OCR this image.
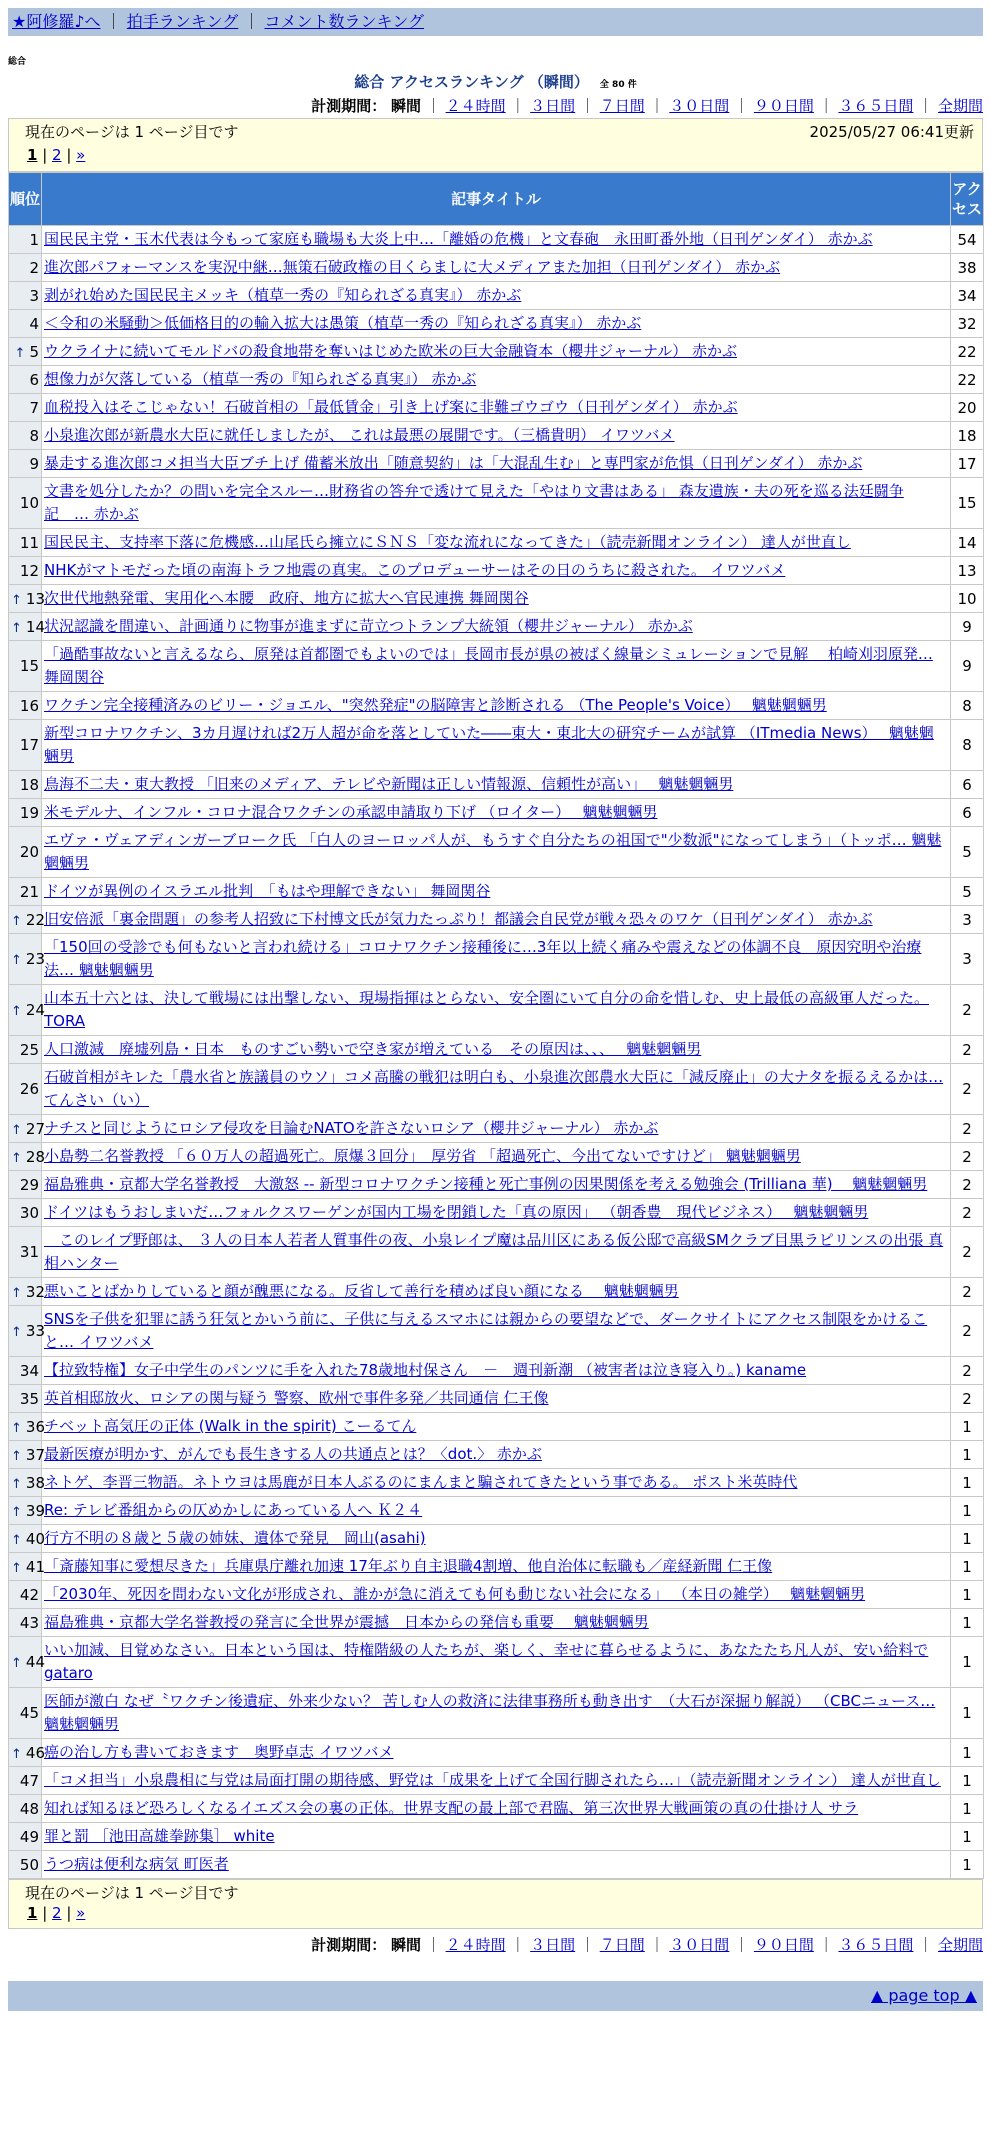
★阿修羅♪へ ｜ 拍手ランキング ｜ コメント数ランキング
総合
総合 アクセスランキング （瞬間） 全 80 件
計測期間： 瞬間 ｜ ２４時間 ｜ ３日間 ｜ ７日間 ｜ ３０日間 ｜ ９０日間 ｜ ３６５日間 ｜ 全期間
現在のページは 1 ページ目です	2025/05/27 06:41更新
1 | 2 | »
順位	記事タイトル	アクセス
1	国民民主党・玉木代表は今もって家庭も職場も大炎上中…「離婚の危機」と文春砲　永田町番外地（日刊ゲンダイ） 赤かぶ	54
2	進次郎パフォーマンスを実況中継…無策石破政権の目くらましに大メディアまた加担（日刊ゲンダイ） 赤かぶ	38
3	剥がれ始めた国民民主メッキ（植草一秀の『知られざる真実』） 赤かぶ	34
4	＜令和の米騒動＞低価格目的の輸入拡大は愚策（植草一秀の『知られざる真実』） 赤かぶ	32
↑ 5	ウクライナに続いてモルドバの殺食地帯を奪いはじめた欧米の巨大金融資本（櫻井ジャーナル） 赤かぶ	22
6	想像力が欠落している（植草一秀の『知られざる真実』） 赤かぶ	22
7	血税投入はそこじゃない！石破首相の「最低賃金」引き上げ案に非難ゴウゴウ（日刊ゲンダイ） 赤かぶ	20
8	小泉進次郎が新農水大臣に就任しましたが、 これは最悪の展開です。（三橋貴明） イワツバメ	18
9	暴走する進次郎コメ担当大臣ブチ上げ 備蓄米放出「随意契約」は「大混乱生む」と専門家が危惧（日刊ゲンダイ） 赤かぶ	17
10	文書を処分したか？の問いを完全スルー…財務省の答弁で透けて見えた「やはり文書はある」 森友遺族・夫の死を巡る法廷闘争記　… 赤かぶ	15
11	国民民主、支持率下落に危機感…山尾氏ら擁立にＳＮＳ「変な流れになってきた」（読売新聞オンライン） 達人が世直し	14
12	NHKがマトモだった頃の南海トラフ地震の真実。このプロデューサーはその日のうちに殺された。 イワツバメ	13
↑ 13	次世代地熱発電、実用化へ本腰　政府、地方に拡大へ官民連携 舞岡関谷	10
↑ 14	状況認識を間違い、計画通りに物事が進まずに苛立つトランプ大統領（櫻井ジャーナル） 赤かぶ	9
15	「過酷事故ないと言えるなら、原発は首都圏でもよいのでは」長岡市長が県の被ばく線量シミュレーションで見解　 柏崎刈羽原発… 舞岡関谷	9
16	ワクチン完全接種済みのビリー・ジョエル、"突然発症"の脳障害と診断される （The People's Voice）　 魑魅魍魎男	8
17	新型コロナワクチン、3カ月遅ければ2万人超が命を落としていた――東大・東北大の研究チームが試算 （ITmedia News）　 魑魅魍魎男	8
18	鳥海不二夫・東大教授 「旧来のメディア、テレビや新聞は正しい情報源、信頼性が高い」　 魑魅魍魎男	6
19	米モデルナ、インフル・コロナ混合ワクチンの承認申請取り下げ （ロイター）　 魑魅魍魎男	6
20	エヴァ・ヴェアディンガーブローク氏 「白人のヨーロッパ人が、もうすぐ自分たちの祖国で"少数派"になってしまう」（トッポ… 魑魅魍魎男	5
21	ドイツが異例のイスラエル批判　「もはや理解できない」 舞岡関谷	5
↑ 22	旧安倍派「裏金問題」の参考人招致に下村博文氏が気力たっぷり！都議会自民党が戦々恐々のワケ（日刊ゲンダイ） 赤かぶ	3
↑ 23	「150回の受診でも何もないと言われ続ける」コロナワクチン接種後に…3年以上続く痛みや震えなどの体調不良　原因究明や治療法… 魑魅魍魎男	3
↑ 24	山本五十六とは、決して戦場には出撃しない、現場指揮はとらない、安全圏にいて自分の命を惜しむ、史上最低の高級軍人だった。 TORA	2
25	人口激減　廃墟列島・日本　ものすごい勢いで空き家が増えている　その原因は、、、　 魑魅魍魎男	2
26	石破首相がキレた「農水省と族議員のウソ」コメ高騰の戦犯は明白も、小泉進次郎農水大臣に「減反廃止」の大ナタを振るえるかは… てんさい（い）	2
↑ 27	ナチスと同じようにロシア侵攻を目論むNATOを許さないロシア（櫻井ジャーナル） 赤かぶ	2
↑ 28	小島勢二名誉教授 「６０万人の超過死亡。原爆３回分」　厚労省 「超過死亡、今出てないですけど」 魑魅魍魎男	2
29	福島雅典・京都大学名誉教授　大激怒 -- 新型コロナワクチン接種と死亡事例の因果関係を考える勉強会 (Trilliana 華)　 魑魅魍魎男	2
30	ドイツはもうおしまいだ…フォルクスワーゲンが国内工場を閉鎖した「真の原因」 （朝香豊　現代ビジネス）　 魑魅魍魎男	2
31	　このレイプ野郎は、 ３人の日本人若者人質事件の夜、小泉レイプ魔は品川区にある仮公邸で高級SMクラブ目黒ラピリンスの出張 真相ハンター	2
↑ 32	悪いことばかりしていると顔が醜悪になる。反省して善行を積めば良い顔になる　 魑魅魍魎男	2
↑ 33	SNSを子供を犯罪に誘う狂気とかいう前に、子供に与えるスマホには親からの要望などで、ダークサイトにアクセス制限をかけること… イワツバメ	2
34	【拉致特権】女子中学生のパンツに手を入れた78歳地村保さん　－　週刊新潮 （被害者は泣き寝入り。) kaname	2
35	英首相邸放火、ロシアの関与疑う 警察、欧州で事件多発／共同通信 仁王像	2
↑ 36	チベット高気圧の正体 (Walk in the spirit) こーるてん	1
↑ 37	最新医療が明かす、がんでも長生きする人の共通点とは？〈dot.〉 赤かぶ	1
↑ 38	ネトゲ、李晋三物語。ネトウヨは馬鹿が日本人ぶるのにまんまと騙されてきたという事である。 ポスト米英時代	1
↑ 39	Re: テレビ番組からの仄めかしにあっている人へ Ｋ２４	1
↑ 40	行方不明の８歳と５歳の姉妹、遺体で発見　岡山(asahi)	1
↑ 41	「斎藤知事に愛想尽きた」兵庫県庁離れ加速 17年ぶり自主退職4割増、他自治体に転職も／産経新聞 仁王像	1
42	「2030年、死因を問わない文化が形成され、誰かが急に消えても何も動じない社会になる」 （本日の雑学）　 魑魅魍魎男	1
43	福島雅典・京都大学名誉教授の発言に全世界が震撼　日本からの発信も重要　 魑魅魍魎男	1
↑ 44	いい加減、目覚めなさい。日本という国は、特権階級の人たちが、楽しく、幸せに暮らせるように、あなたたち凡人が、安い給料で gataro	1
45	医師が激白 なぜ〝ワクチン後遺症、外来少ない？ 苦しむ人の救済に法律事務所も動き出す　（大石が深掘り解説） （CBCニュース… 魑魅魍魎男	1
↑ 46	癌の治し方も書いておきます　奥野卓志 イワツバメ	1
47	「コメ担当」小泉農相に与党は局面打開の期待感、野党は「成果を上げて全国行脚されたら…」（読売新聞オンライン） 達人が世直し	1
48	知れば知るほど恐ろしくなるイエズス会の裏の正体。世界支配の最上部で君臨、第三次世界大戦画策の真の仕掛け人 サラ	1
49	罪と罰 ［池田高雄拳跡集］ white	1
50	うつ病は便利な病気 町医者	1
現在のページは 1 ページ目です
1 | 2 | »
計測期間： 瞬間 ｜ ２４時間 ｜ ３日間 ｜ ７日間 ｜ ３０日間 ｜ ９０日間 ｜ ３６５日間 ｜ 全期間
▲ page top ▲
